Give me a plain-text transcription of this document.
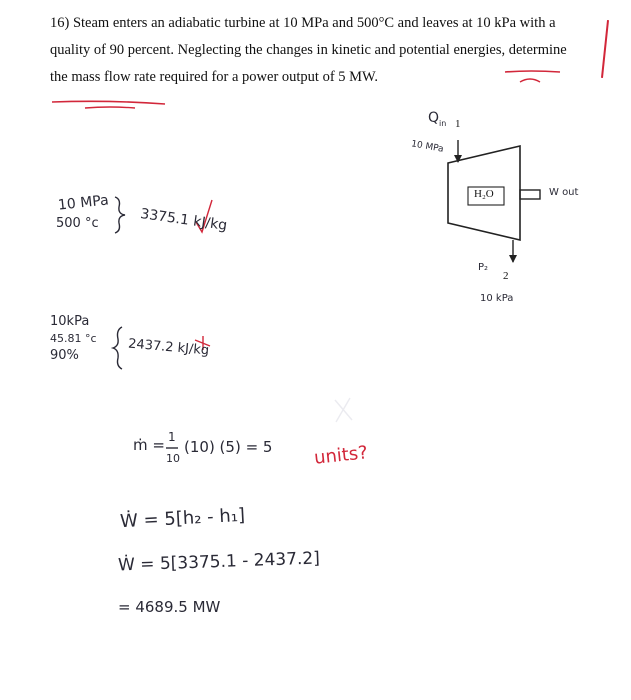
16) Steam enters an adiabatic turbine at 10 MPa and 500°C and leaves at 10 kPa with a
quality of 90 percent. Neglecting the changes in kinetic and potential energies, determine
the mass flow rate required for a power output of 5 MW.
$Q_{in}$ 1
10 MPa
H₂O	W out
P₂
2
10 kPa
10 MPa
500 °c	3375.1 kJ/kg
10kPa
45.81 °c
90%	2437.2 kJ/kg
ṁ = 1
10
(10) (5) = 5 units?
Ẇ = 5[h₂ - h₁]
Ẇ = 5[3375.1 - 2437.2]
= 4689.5 MW
